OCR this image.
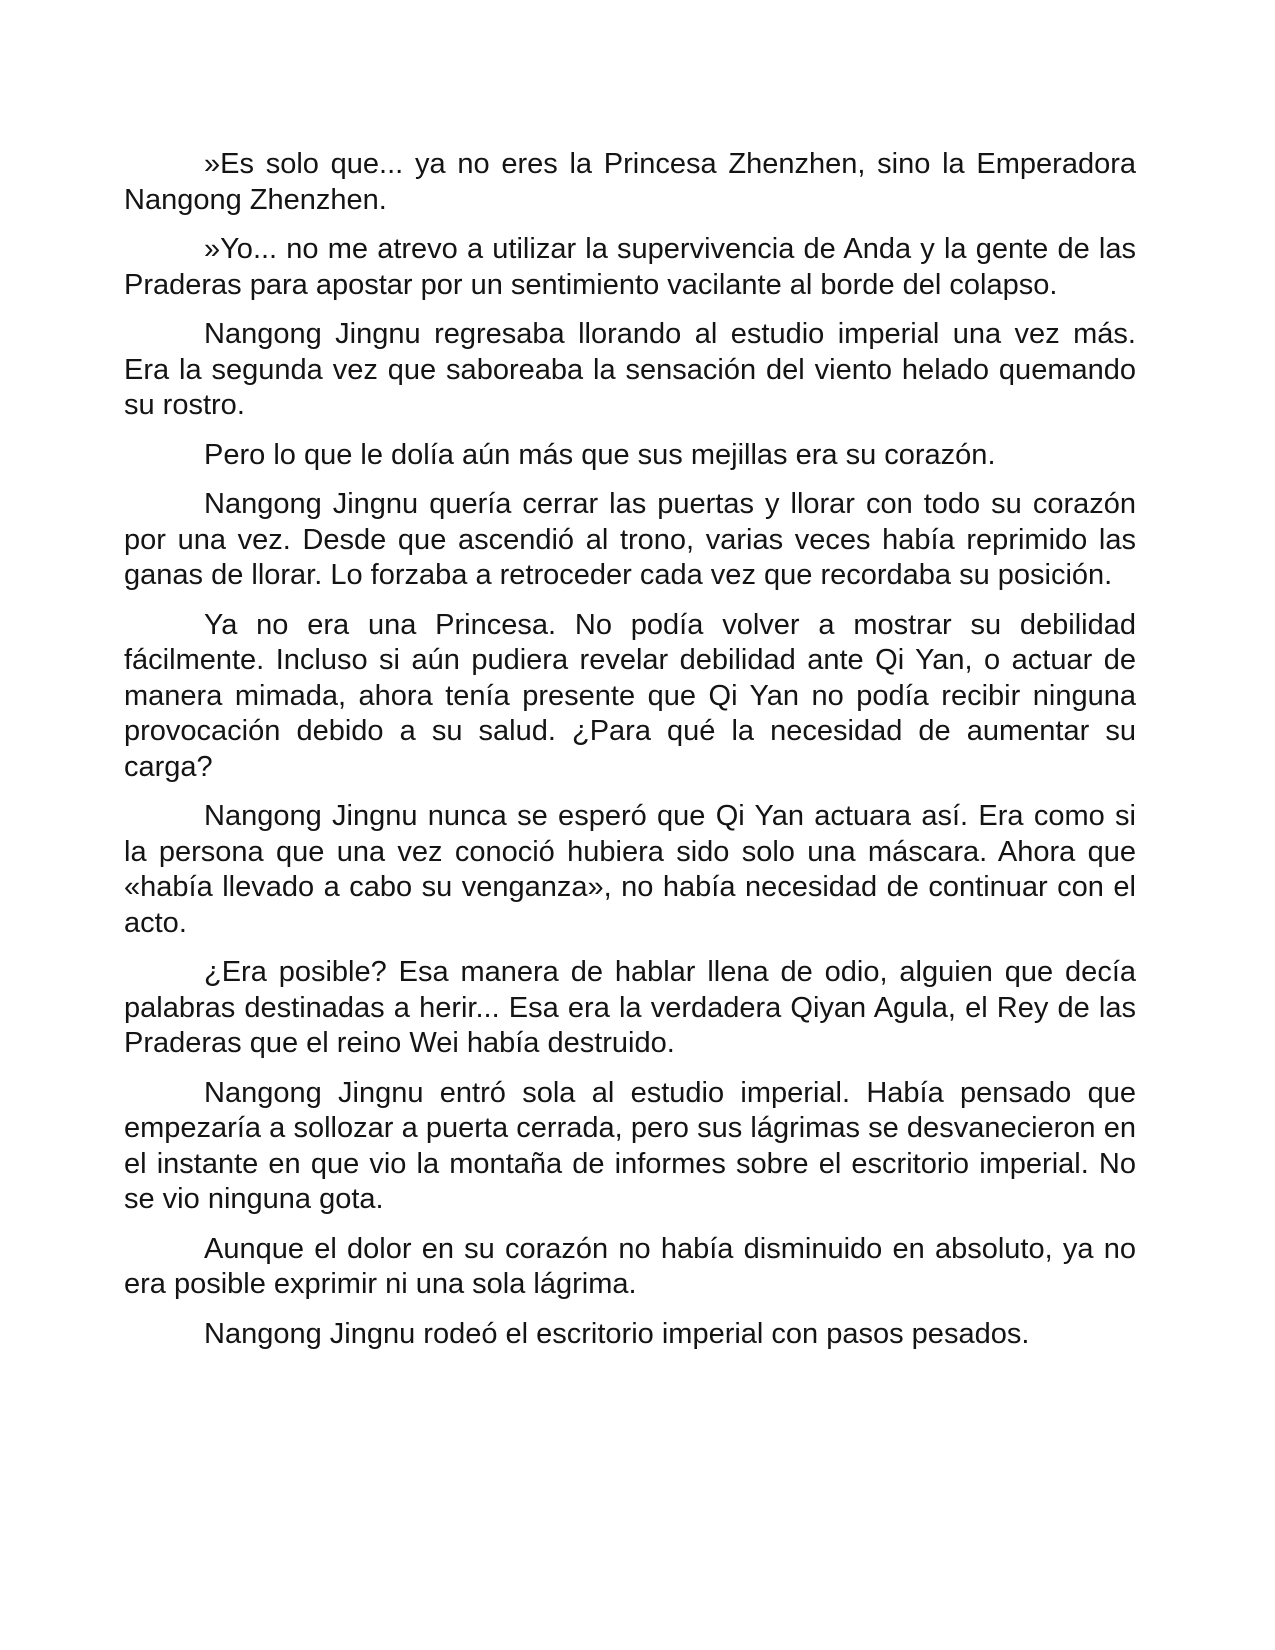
»Es solo que... ya no eres la Princesa Zhenzhen, sino la Emperadora Nangong Zhenzhen.

»Yo... no me atrevo a utilizar la supervivencia de Anda y la gente de las Praderas para apostar por un sentimiento vacilante al borde del colapso.

Nangong Jingnu regresaba llorando al estudio imperial una vez más. Era la segunda vez que saboreaba la sensación del viento helado quemando su rostro.

Pero lo que le dolía aún más que sus mejillas era su corazón.

Nangong Jingnu quería cerrar las puertas y llorar con todo su corazón por una vez. Desde que ascendió al trono, varias veces había reprimido las ganas de llorar. Lo forzaba a retroceder cada vez que recordaba su posición.

Ya no era una Princesa. No podía volver a mostrar su debilidad fácilmente. Incluso si aún pudiera revelar debilidad ante Qi Yan, o actuar de manera mimada, ahora tenía presente que Qi Yan no podía recibir ninguna provocación debido a su salud. ¿Para qué la necesidad de aumentar su carga?

Nangong Jingnu nunca se esperó que Qi Yan actuara así. Era como si la persona que una vez conoció hubiera sido solo una máscara. Ahora que «había llevado a cabo su venganza», no había necesidad de continuar con el acto.

¿Era posible? Esa manera de hablar llena de odio, alguien que decía palabras destinadas a herir... Esa era la verdadera Qiyan Agula, el Rey de las Praderas que el reino Wei había destruido.

Nangong Jingnu entró sola al estudio imperial. Había pensado que empezaría a sollozar a puerta cerrada, pero sus lágrimas se desvanecieron en el instante en que vio la montaña de informes sobre el escritorio imperial. No se vio ninguna gota.

Aunque el dolor en su corazón no había disminuido en absoluto, ya no era posible exprimir ni una sola lágrima.

Nangong Jingnu rodeó el escritorio imperial con pasos pesados.
